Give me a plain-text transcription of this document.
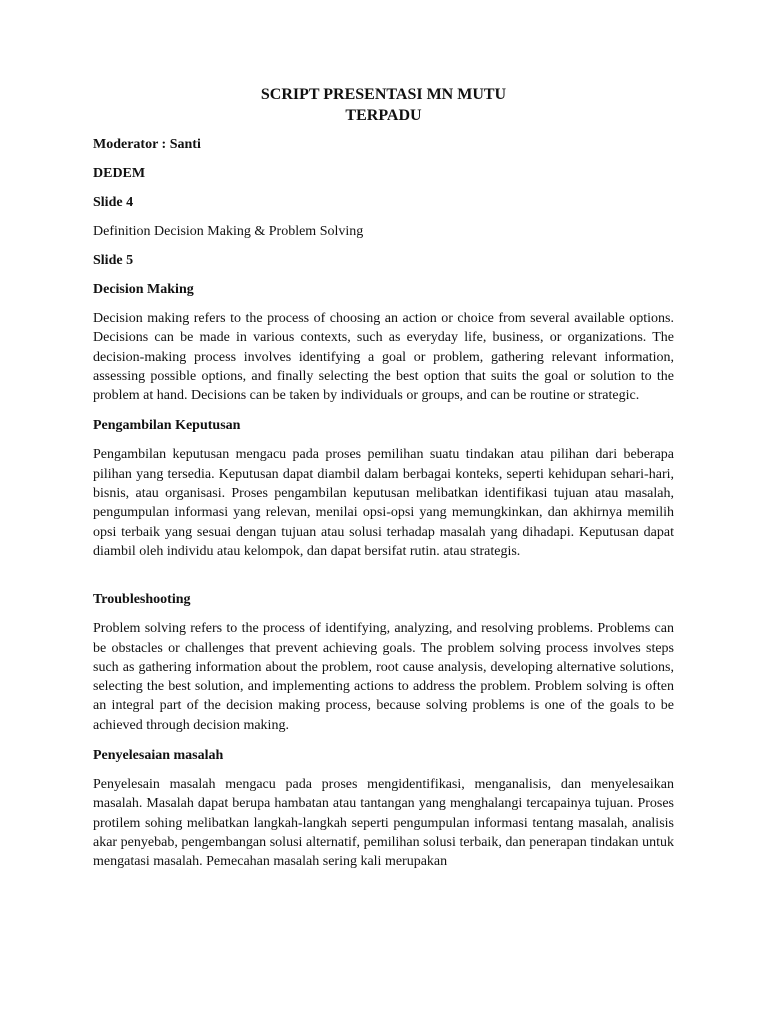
SCRIPT PRESENTASI MN MUTU
TERPADU
Moderator : Santi
DEDEM
Slide 4
Definition Decision Making & Problem Solving
Slide 5
Decision Making

Decision making refers to the process of choosing an action or choice from several available options. Decisions can be made in various contexts, such as everyday life, business, or organizations. The decision-making process involves identifying a goal or problem, gathering relevant information, assessing possible options, and finally selecting the best option that suits the goal or solution to the problem at hand. Decisions can be taken by individuals or groups, and can be routine or strategic.

Pengambilan Keputusan

Pengambilan keputusan mengacu pada proses pemilihan suatu tindakan atau pilihan dari beberapa pilihan yang tersedia. Keputusan dapat diambil dalam berbagai konteks, seperti kehidupan sehari-hari, bisnis, atau organisasi. Proses pengambilan keputusan melibatkan identifikasi tujuan atau masalah, pengumpulan informasi yang relevan, menilai opsi-opsi yang memungkinkan, dan akhirnya memilih opsi terbaik yang sesuai dengan tujuan atau solusi terhadap masalah yang dihadapi. Keputusan dapat diambil oleh individu atau kelompok, dan dapat bersifat rutin. atau strategis.

Troubleshooting

Problem solving refers to the process of identifying, analyzing, and resolving problems. Problems can be obstacles or challenges that prevent achieving goals. The problem solving process involves steps such as gathering information about the problem, root cause analysis, developing alternative solutions, selecting the best solution, and implementing actions to address the problem. Problem solving is often an integral part of the decision making process, because solving problems is one of the goals to be achieved through decision making.

Penyelesaian masalah

Penyelesain masalah mengacu pada proses mengidentifikasi, menganalisis, dan menyelesaikan masalah. Masalah dapat berupa hambatan atau tantangan yang menghalangi tercapainya tujuan. Proses protilem sohing melibatkan langkah-langkah seperti pengumpulan informasi tentang masalah, analisis akar penyebab, pengembangan solusi alternatif, pemilihan solusi terbaik, dan penerapan tindakan untuk mengatasi masalah. Pemecahan masalah sering kali merupakan
